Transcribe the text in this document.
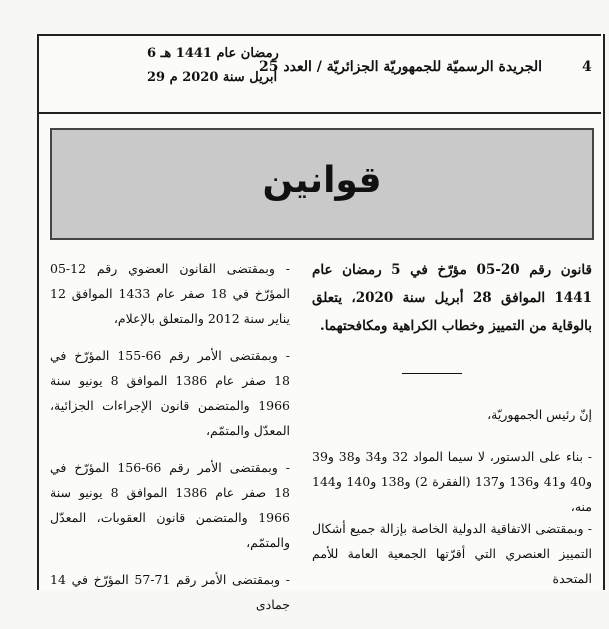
6 رمضان عام 1441 هـ
29 أبريل سنة 2020 م
الجريدة الرسميّة للجمهوريّة الجزائريّة / العدد 25	4
قوانين

قانون رقم 20-05 مؤرّخ في 5 رمضان عام 1441 الموافق 28 أبريل سنة 2020، يتعلق بالوقاية من التمييز وخطاب الكراهية ومكافحتهما.

إنّ رئيس الجمهوريّة،

- بناء على الدستور، لا سيما المواد 32 و34 و38 و39 و40 و41 و136 و137 (الفقرة 2) و138 و140 و144 منه،

- وبمقتضى الاتفاقية الدولية الخاصة بإزالة جميع أشكال التمييز العنصري التي أقرّتها الجمعية العامة للأمم المتحدة

- وبمقتضى القانون العضوي رقم 12-05 المؤرّخ في 18 صفر عام 1433 الموافق 12 يناير سنة 2012 والمتعلق بالإعلام،

- وبمقتضى الأمر رقم 66-155 المؤرّخ في 18 صفر عام 1386 الموافق 8 يونيو سنة 1966 والمتضمن قانون الإجراءات الجزائية، المعدّل والمتمّم،

- وبمقتضى الأمر رقم 66-156 المؤرّخ في 18 صفر عام 1386 الموافق 8 يونيو سنة 1966 والمتضمن قانون العقوبات، المعدّل والمتمّم،

- وبمقتضى الأمر رقم 71-57 المؤرّخ في 14 جمادى
